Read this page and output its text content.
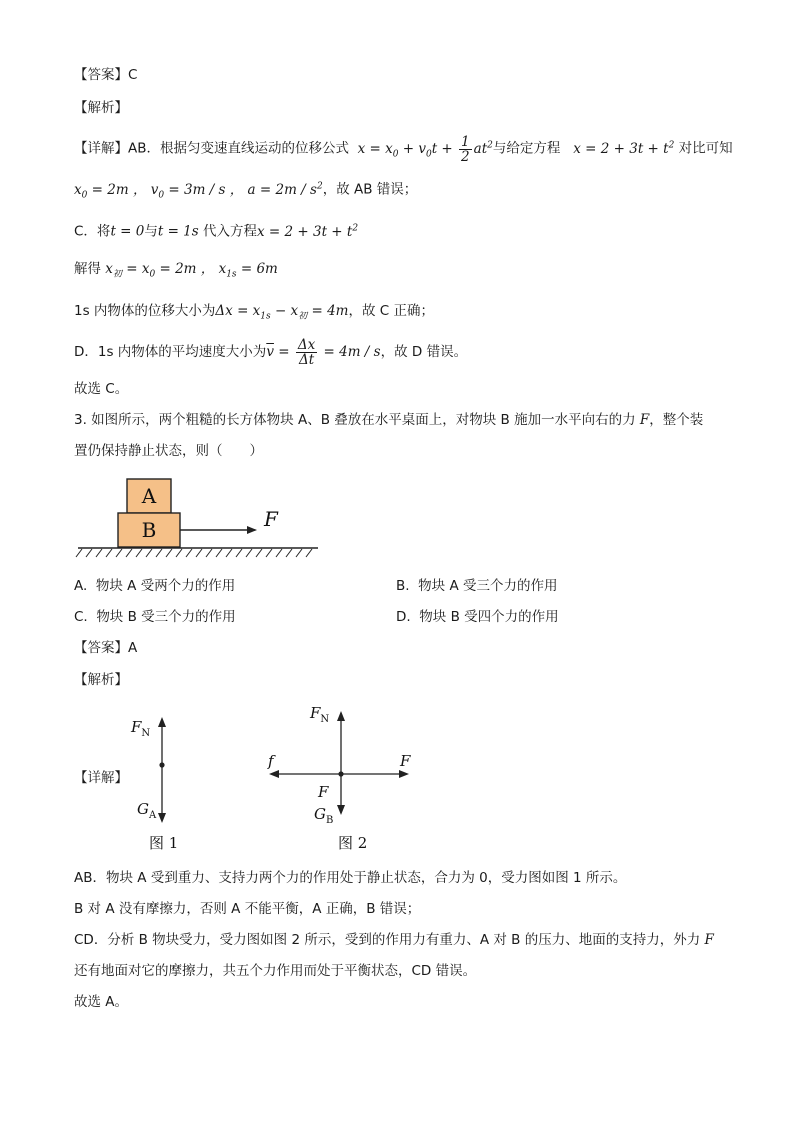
【答案】C
【解析】
【详解】AB．根据匀变速直线运动的位移公式  $x = x_0 + v_0t + \frac{1}{2} at^2$与给定方程   $x = 2 + 3t + t^2$ 对比可知
$x_0 = 2m$ ， $v_0 = 3m / s$ ， $a = 2m / s^2$，故 AB 错误；
C．将t = 0与t = 1s 代入方程$x = 2 + 3t + t^2$
解得 $x_初 = x_0 = 2m$ ， $x_{1s} = 6m$
1s 内物体的位移大小为$\Delta x = x_{1s} - x_初 = 4m$，故 C 正确；
D．1s 内物体的平均速度大小为$\overline{v} = \frac{\Delta x}{\Delta t} = 4m / s$，故 D 错误。
故选 C。
3. 如图所示，两个粗糙的长方体物块 A、B 叠放在水平桌面上，对物块 B 施加一水平向右的力 F，整个装
置仍保持静止状态，则（　　）
A
B	F
A. 物块 A 受两个力的作用	B. 物块 A 受三个力的作用
C. 物块 B 受三个力的作用	D. 物块 B 受四个力的作用
【答案】A
【解析】
【详解】
$F_N$
$G_A$
图 1
$F_N$
f	F
F
$G_B$
图 2
AB．物块 A 受到重力、支持力两个力的作用处于静止状态，合力为 0，受力图如图 1 所示。
B 对 A 没有摩擦力，否则 A 不能平衡，A 正确，B 错误；
CD．分析 B 物块受力，受力图如图 2 所示，受到的作用力有重力、A 对 B 的压力、地面的支持力，外力 F
还有地面对它的摩擦力，共五个力作用而处于平衡状态，CD 错误。
故选 A。
